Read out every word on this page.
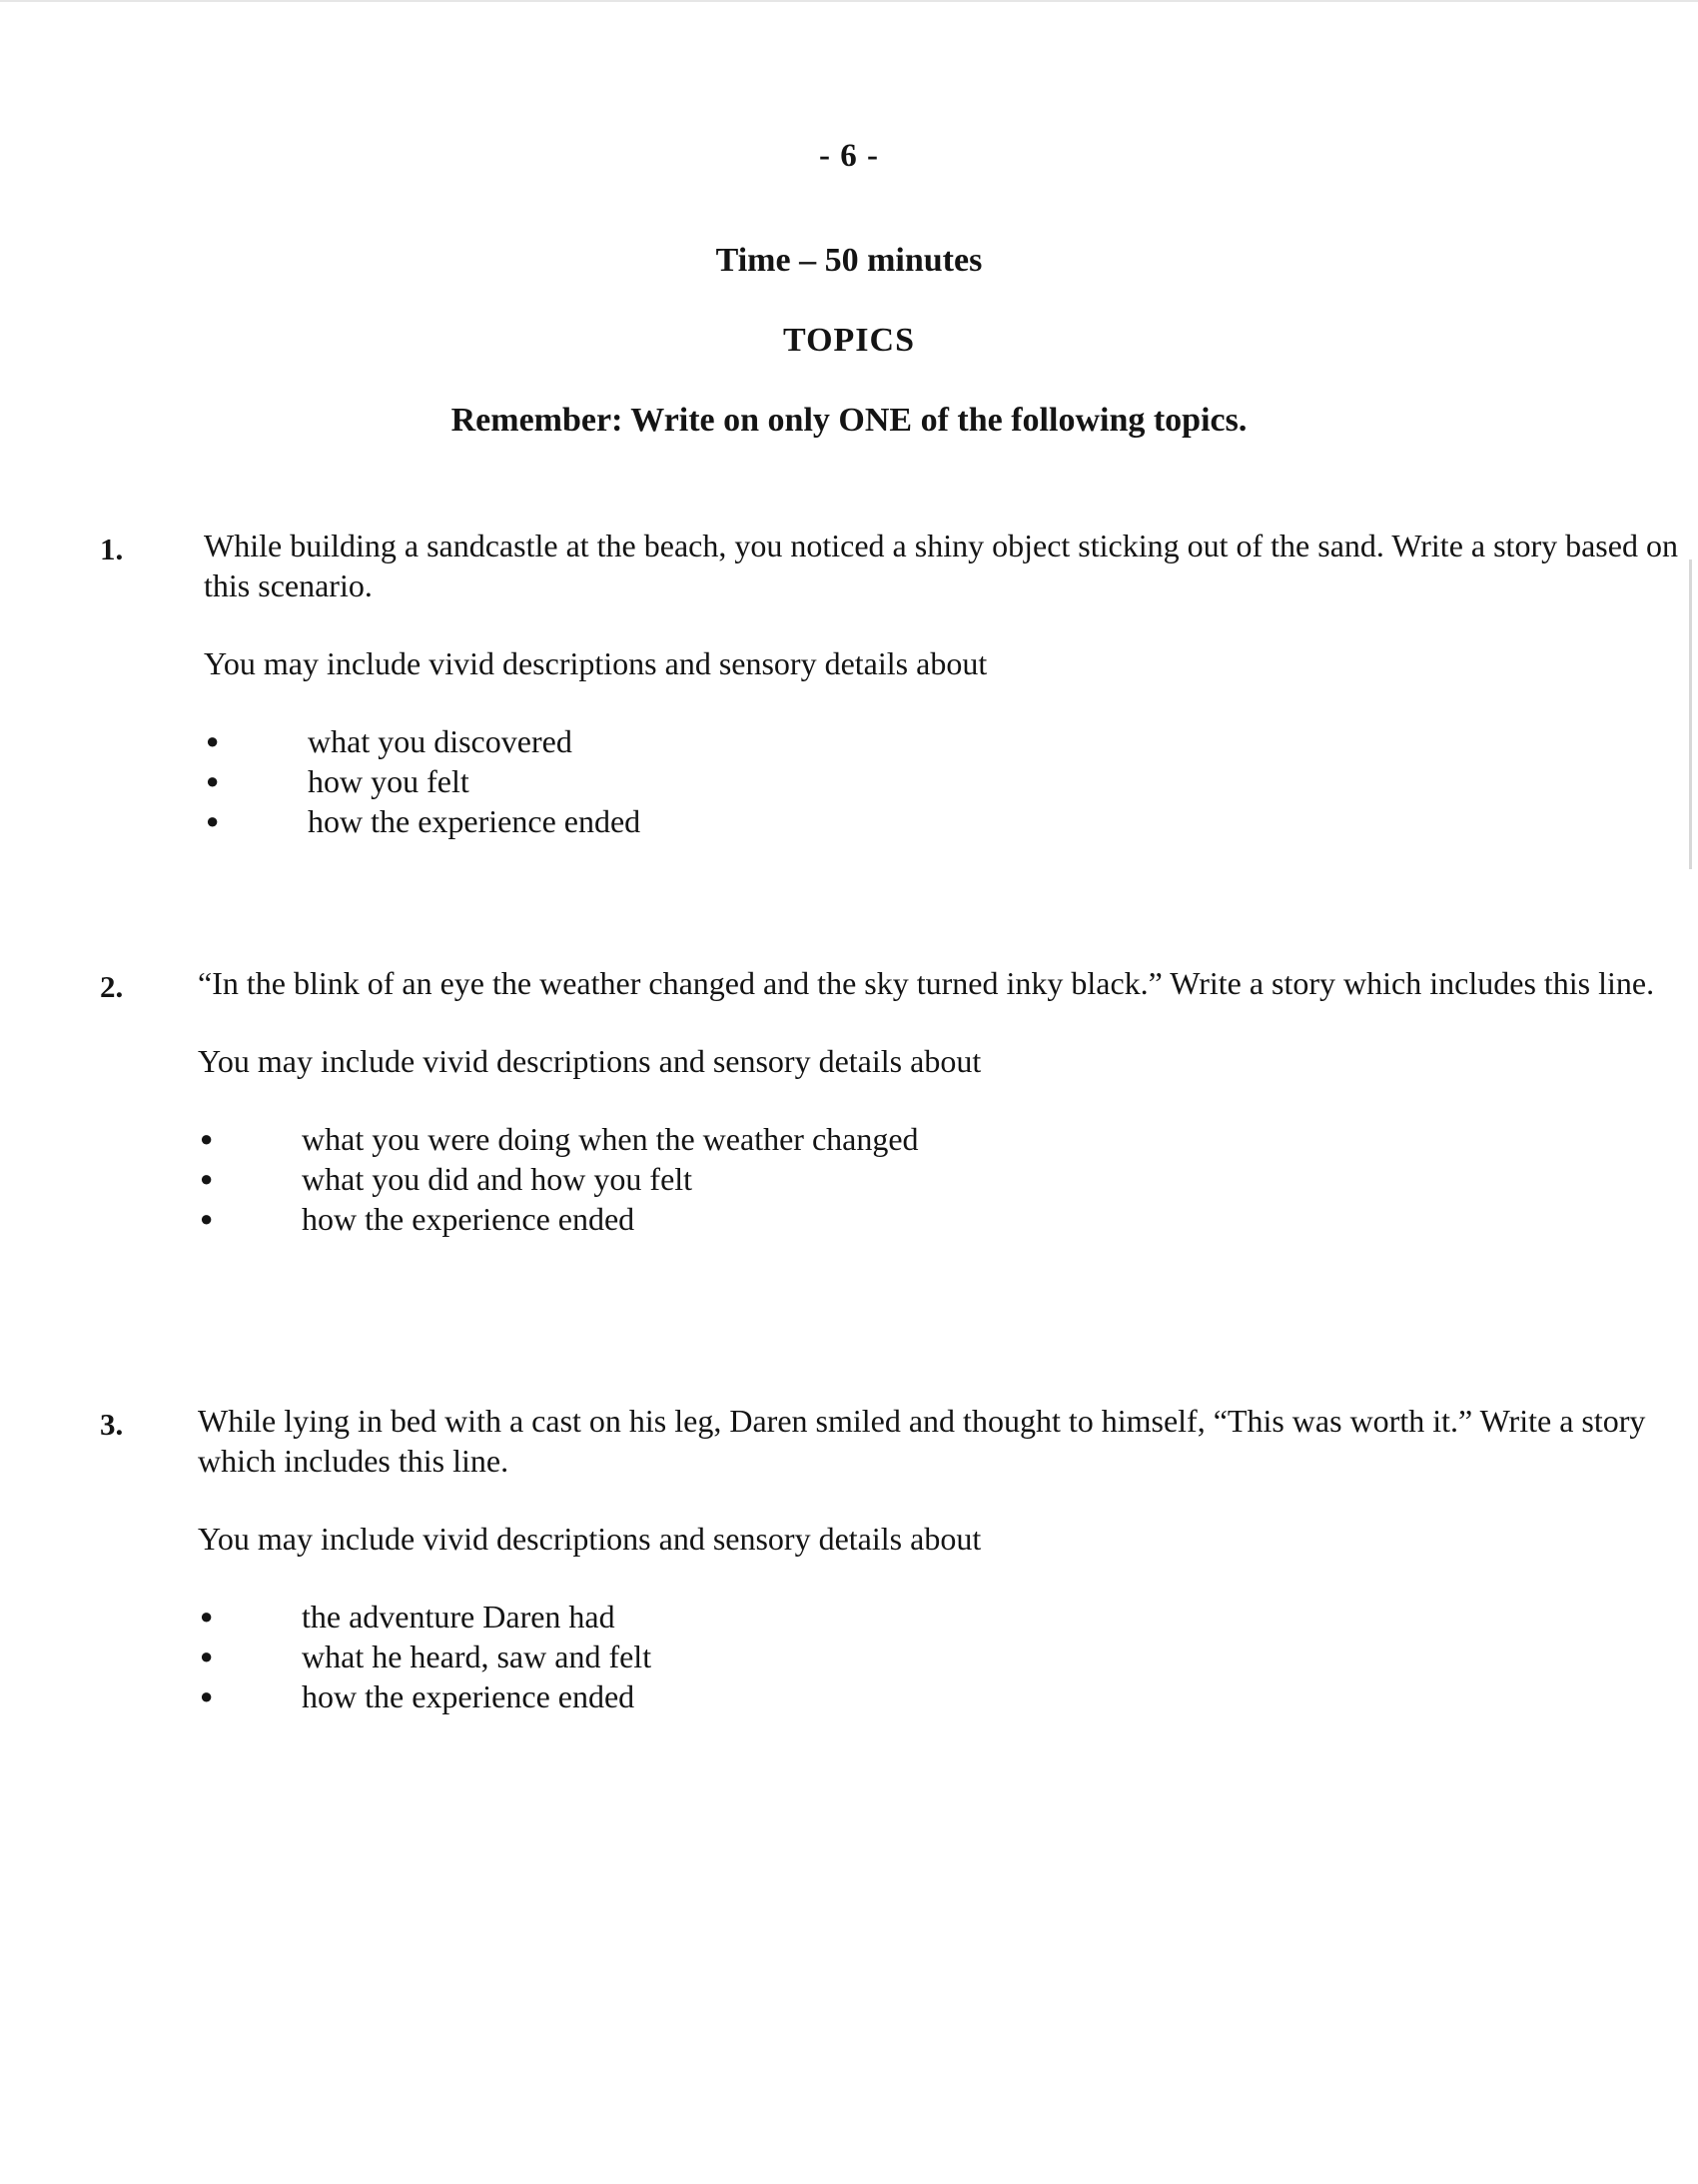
- 6 -
Time – 50 minutes
TOPICS
Remember: Write on only ONE of the following topics.
1.	While building a sandcastle at the beach, you noticed a shiny object sticking out of the sand. Write a story based on this scenario.

You may include vivid descriptions and sensory details about

●	what you discovered
●	how you felt
●	how the experience ended
2. “In the blink of an eye the weather changed and the sky turned inky black.” Write a story which includes this line.

You may include vivid descriptions and sensory details about

●	what you were doing when the weather changed
●	what you did and how you felt
●	how the experience ended
3. While lying in bed with a cast on his leg, Daren smiled and thought to himself, “This was worth it.” Write a story which includes this line.

You may include vivid descriptions and sensory details about

●	the adventure Daren had
●	what he heard, saw and felt
●	how the experience ended
